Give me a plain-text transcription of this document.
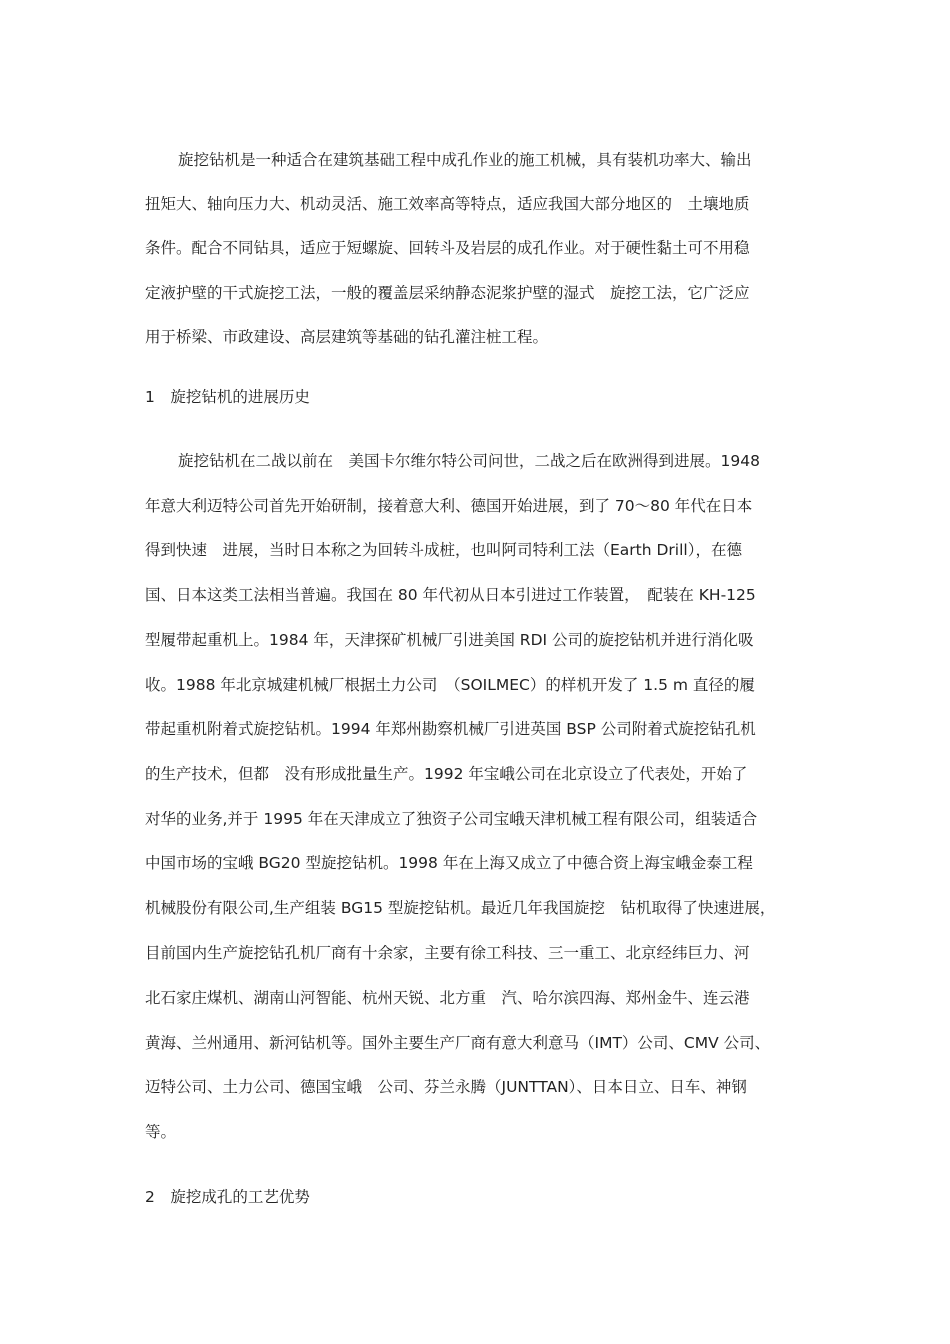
旋挖钻机是一种适合在建筑基础工程中成孔作业的施工机械，具有装机功率大、输出
扭矩大、轴向压力大、机动灵活、施工效率高等特点，适应我国大部分地区的　土壤地质
条件。配合不同钻具，适应于短螺旋、回转斗及岩层的成孔作业。对于硬性黏土可不用稳
定液护壁的干式旋挖工法，一般的覆盖层采纳静态泥浆护壁的湿式　旋挖工法，它广泛应
用于桥梁、市政建设、高层建筑等基础的钻孔灌注桩工程。
1　旋挖钻机的进展历史
旋挖钻机在二战以前在　美国卡尔维尔特公司问世，二战之后在欧洲得到进展。1948
年意大利迈特公司首先开始研制，接着意大利、德国开始进展，到了 70～80 年代在日本
得到快速　进展，当时日本称之为回转斗成桩，也叫阿司特利工法（Earth Drill），在德
国、日本这类工法相当普遍。我国在 80 年代初从日本引进过工作装置，　配装在 KH-125
型履带起重机上。1984 年，天津探矿机械厂引进美国 RDI 公司的旋挖钻机并进行消化吸
收。1988 年北京城建机械厂根据土力公司　（SOILMEC）的样机开发了 1.5 m 直径的履
带起重机附着式旋挖钻机。1994 年郑州勘察机械厂引进英国 BSP 公司附着式旋挖钻孔机
的生产技术，但都　没有形成批量生产。1992 年宝峨公司在北京设立了代表处，开始了
对华的业务,并于 1995 年在天津成立了独资子公司宝峨天津机械工程有限公司，组装适合
中国市场的宝峨 BG20 型旋挖钻机。1998 年在上海又成立了中德合资上海宝峨金泰工程
机械股份有限公司,生产组装 BG15 型旋挖钻机。最近几年我国旋挖　钻机取得了快速进展，
目前国内生产旋挖钻孔机厂商有十余家，主要有徐工科技、三一重工、北京经纬巨力、河
北石家庄煤机、湖南山河智能、杭州天锐、北方重　汽、哈尔滨四海、郑州金牛、连云港
黄海、兰州通用、新河钻机等。国外主要生产厂商有意大利意马（IMT）公司、CMV 公司、
迈特公司、土力公司、德国宝峨　公司、芬兰永腾（JUNTTAN）、日本日立、日车、神钢
等。
2　旋挖成孔的工艺优势
